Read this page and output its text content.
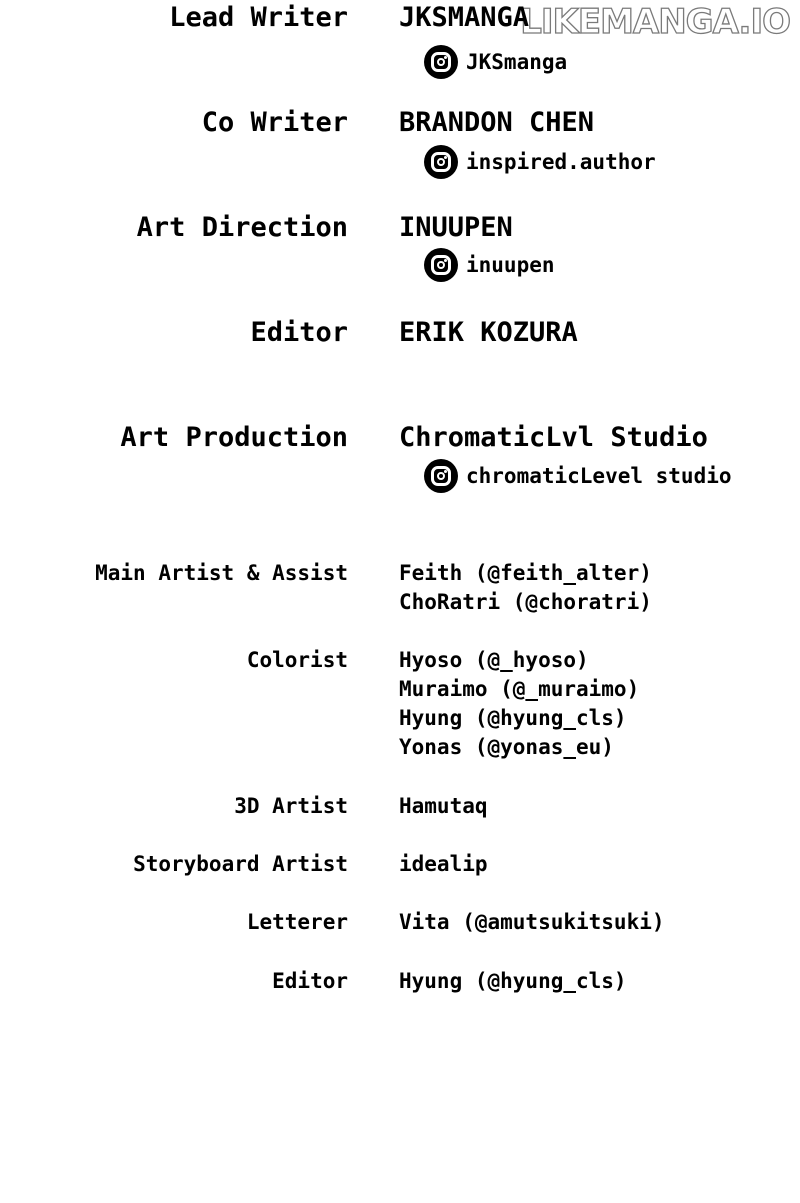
LIKEMANGA.IO
Lead Writer JKSMANGA
JKSmanga
Co Writer BRANDON CHEN
inspired.author
Art Direction INUUPEN
inuupen
Editor ERIK KOZURA
Art Production ChromaticLvl Studio
chromaticLevel studio
Main Artist & Assist Feith (@feith_alter)
ChoRatri (@choratri)
Colorist Hyoso (@_hyoso)
Muraimo (@_muraimo)
Hyung (@hyung_cls)
Yonas (@yonas_eu)
3D Artist Hamutaq
Storyboard Artist idealip
Letterer Vita (@amutsukitsuki)
Editor Hyung (@hyung_cls)
